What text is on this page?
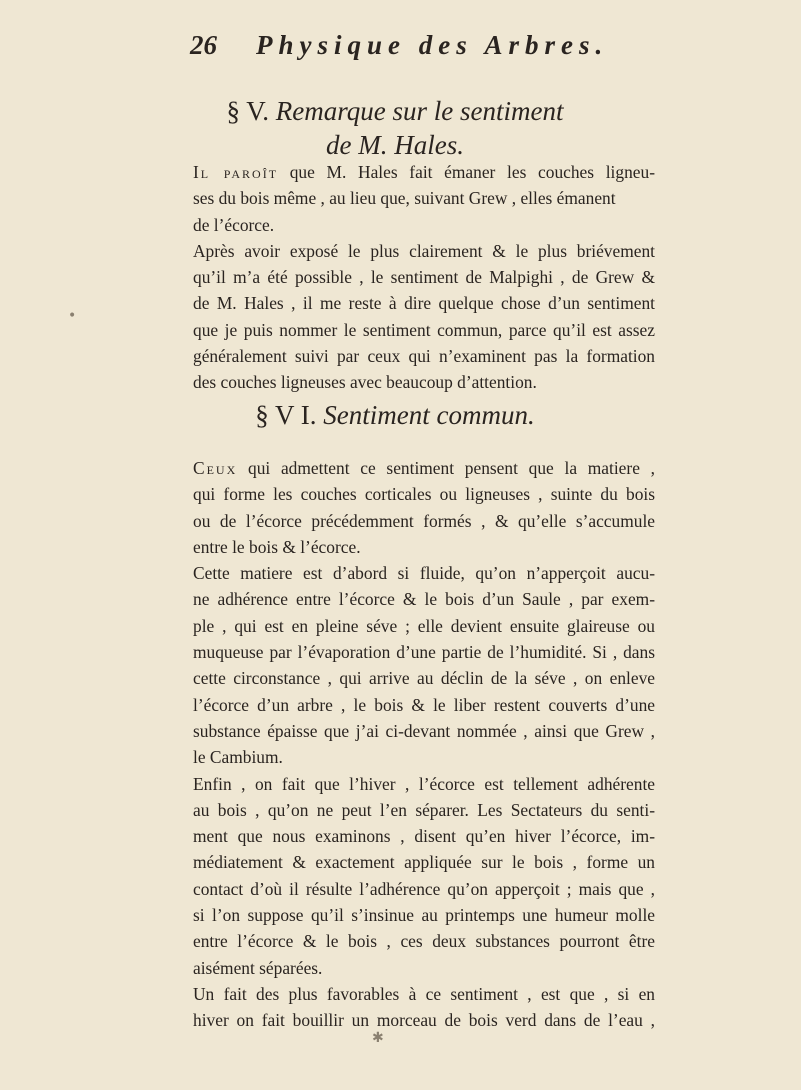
26 Physique des Arbres.
§ V. Remarque sur le sentiment
de M. Hales.
Il paroît que M. Hales fait émaner les couches ligneu-
ses du bois même , au lieu que, suivant Grew , elles émanent
de l’écorce.
Après avoir exposé le plus clairement & le plus briévement
qu’il m’a été possible , le sentiment de Malpighi , de Grew &
de M. Hales , il me reste à dire quelque chose d’un sentiment
que je puis nommer le sentiment commun, parce qu’il est assez
généralement suivi par ceux qui n’examinent pas la formation
des couches ligneuses avec beaucoup d’attention.
§ V I. Sentiment commun.
Ceux qui admettent ce sentiment pensent que la matiere ,
qui forme les couches corticales ou ligneuses , suinte du bois
ou de l’écorce précédemment formés , & qu’elle s’accumule
entre le bois & l’écorce.
Cette matiere est d’abord si fluide, qu’on n’apperçoit aucu-
ne adhérence entre l’écorce & le bois d’un Saule , par exem-
ple , qui est en pleine séve ; elle devient ensuite glaireuse ou
muqueuse par l’évaporation d’une partie de l’humidité. Si , dans
cette circonstance , qui arrive au déclin de la séve , on enleve
l’écorce d’un arbre , le bois & le liber restent couverts d’une
substance épaisse que j’ai ci-devant nommée , ainsi que Grew ,
le Cambium.
Enfin , on fait que l’hiver , l’écorce est tellement adhérente
au bois , qu’on ne peut l’en séparer. Les Sectateurs du senti-
ment que nous examinons , disent qu’en hiver l’écorce, im-
médiatement & exactement appliquée sur le bois , forme un
contact d’où il résulte l’adhérence qu’on apperçoit ; mais que ,
si l’on suppose qu’il s’insinue au printemps une humeur molle
entre l’écorce & le bois , ces deux substances pourront être
aisément séparées.
Un fait des plus favorables à ce sentiment , est que , si en
hiver on fait bouillir un morceau de bois verd dans de l’eau ,
•
✱
